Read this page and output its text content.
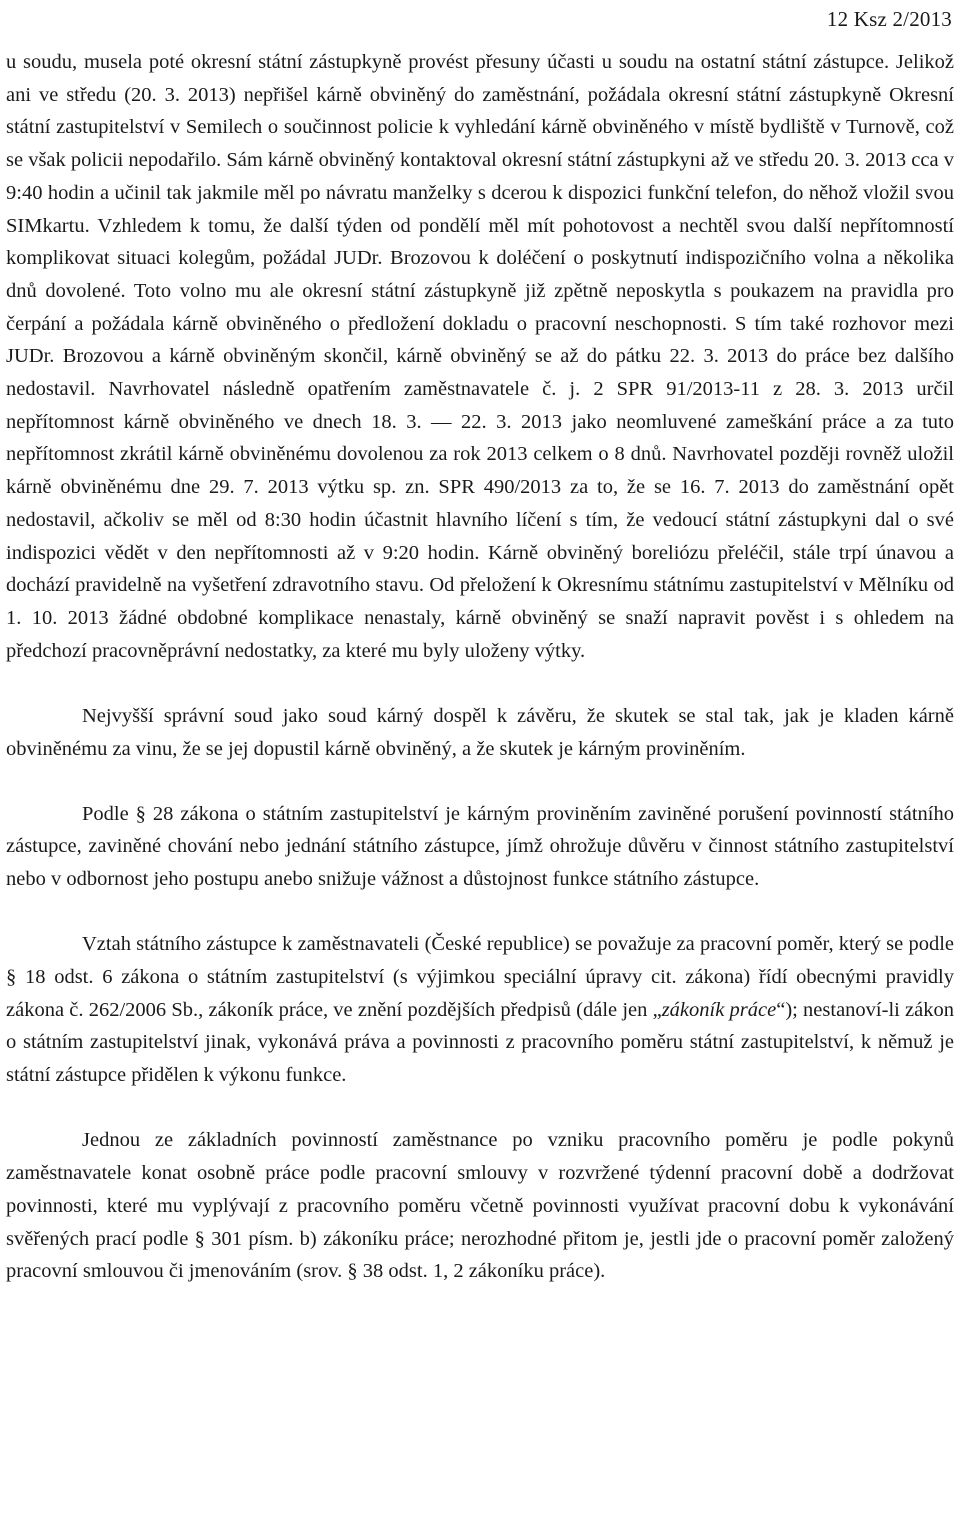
12 Ksz 2/2013

u soudu, musela poté okresní státní zástupkyně provést přesuny účasti u soudu na ostatní státní zástupce. Jelikož ani ve středu (20. 3. 2013) nepřišel kárně obviněný do zaměstnání, požádala okresní státní zástupkyně Okresní státní zastupitelství v Semilech o součinnost policie k vyhledání kárně obviněného v místě bydliště v Turnově, což se však policii nepodařilo. Sám kárně obviněný kontaktoval okresní státní zástupkyni až ve středu 20. 3. 2013 cca v 9:40 hodin a učinil tak jakmile měl po návratu manželky s dcerou k dispozici funkční telefon, do něhož vložil svou SIMkartu. Vzhledem k tomu, že další týden od pondělí měl mít pohotovost a nechtěl svou další nepřítomností komplikovat situaci kolegům, požádal JUDr. Brozovou k doléčení o poskytnutí indispozičního volna a několika dnů dovolené. Toto volno mu ale okresní státní zástupkyně již zpětně neposkytla s poukazem na pravidla pro čerpání a požádala kárně obviněného o předložení dokladu o pracovní neschopnosti. S tím také rozhovor mezi JUDr. Brozovou a kárně obviněným skončil, kárně obviněný se až do pátku 22. 3. 2013 do práce bez dalšího nedostavil. Navrhovatel následně opatřením zaměstnavatele č. j. 2 SPR 91/2013-11 z 28. 3. 2013 určil nepřítomnost kárně obviněného ve dnech 18. 3. — 22. 3. 2013 jako neomluvené zameškání práce a za tuto nepřítomnost zkrátil kárně obviněnému dovolenou za rok 2013 celkem o 8 dnů. Navrhovatel později rovněž uložil kárně obviněnému dne 29. 7. 2013 výtku sp. zn. SPR 490/2013 za to, že se 16. 7. 2013 do zaměstnání opět nedostavil, ačkoliv se měl od 8:30 hodin účastnit hlavního líčení s tím, že vedoucí státní zástupkyni dal o své indispozici vědět v den nepřítomnosti až v 9:20 hodin. Kárně obviněný boreliózu přeléčil, stále trpí únavou a dochází pravidelně na vyšetření zdravotního stavu. Od přeložení k Okresnímu státnímu zastupitelství v Mělníku od 1. 10. 2013 žádné obdobné komplikace nenastaly, kárně obviněný se snaží napravit pověst i s ohledem na předchozí pracovněprávní nedostatky, za které mu byly uloženy výtky.

Nejvyšší správní soud jako soud kárný dospěl k závěru, že skutek se stal tak, jak je kladen kárně obviněnému za vinu, že se jej dopustil kárně obviněný, a že skutek je kárným proviněním.

Podle § 28 zákona o státním zastupitelství je kárným proviněním zaviněné porušení povinností státního zástupce, zaviněné chování nebo jednání státního zástupce, jímž ohrožuje důvěru v činnost státního zastupitelství nebo v odbornost jeho postupu anebo snižuje vážnost a důstojnost funkce státního zástupce.

Vztah státního zástupce k zaměstnavateli (České republice) se považuje za pracovní poměr, který se podle § 18 odst. 6 zákona o státním zastupitelství (s výjimkou speciální úpravy cit. zákona) řídí obecnými pravidly zákona č. 262/2006 Sb., zákoník práce, ve znění pozdějších předpisů (dále jen „zákoník práce“); nestanoví-li zákon o státním zastupitelství jinak, vykonává práva a povinnosti z pracovního poměru státní zastupitelství, k němuž je státní zástupce přidělen k výkonu funkce.

Jednou ze základních povinností zaměstnance po vzniku pracovního poměru je podle pokynů zaměstnavatele konat osobně práce podle pracovní smlouvy v rozvržené týdenní pracovní době a dodržovat povinnosti, které mu vyplývají z pracovního poměru včetně povinnosti využívat pracovní dobu k vykonávání svěřených prací podle § 301 písm. b) zákoníku práce; nerozhodné přitom je, jestli jde o pracovní poměr založený pracovní smlouvou či jmenováním (srov. § 38 odst. 1, 2 zákoníku práce).
